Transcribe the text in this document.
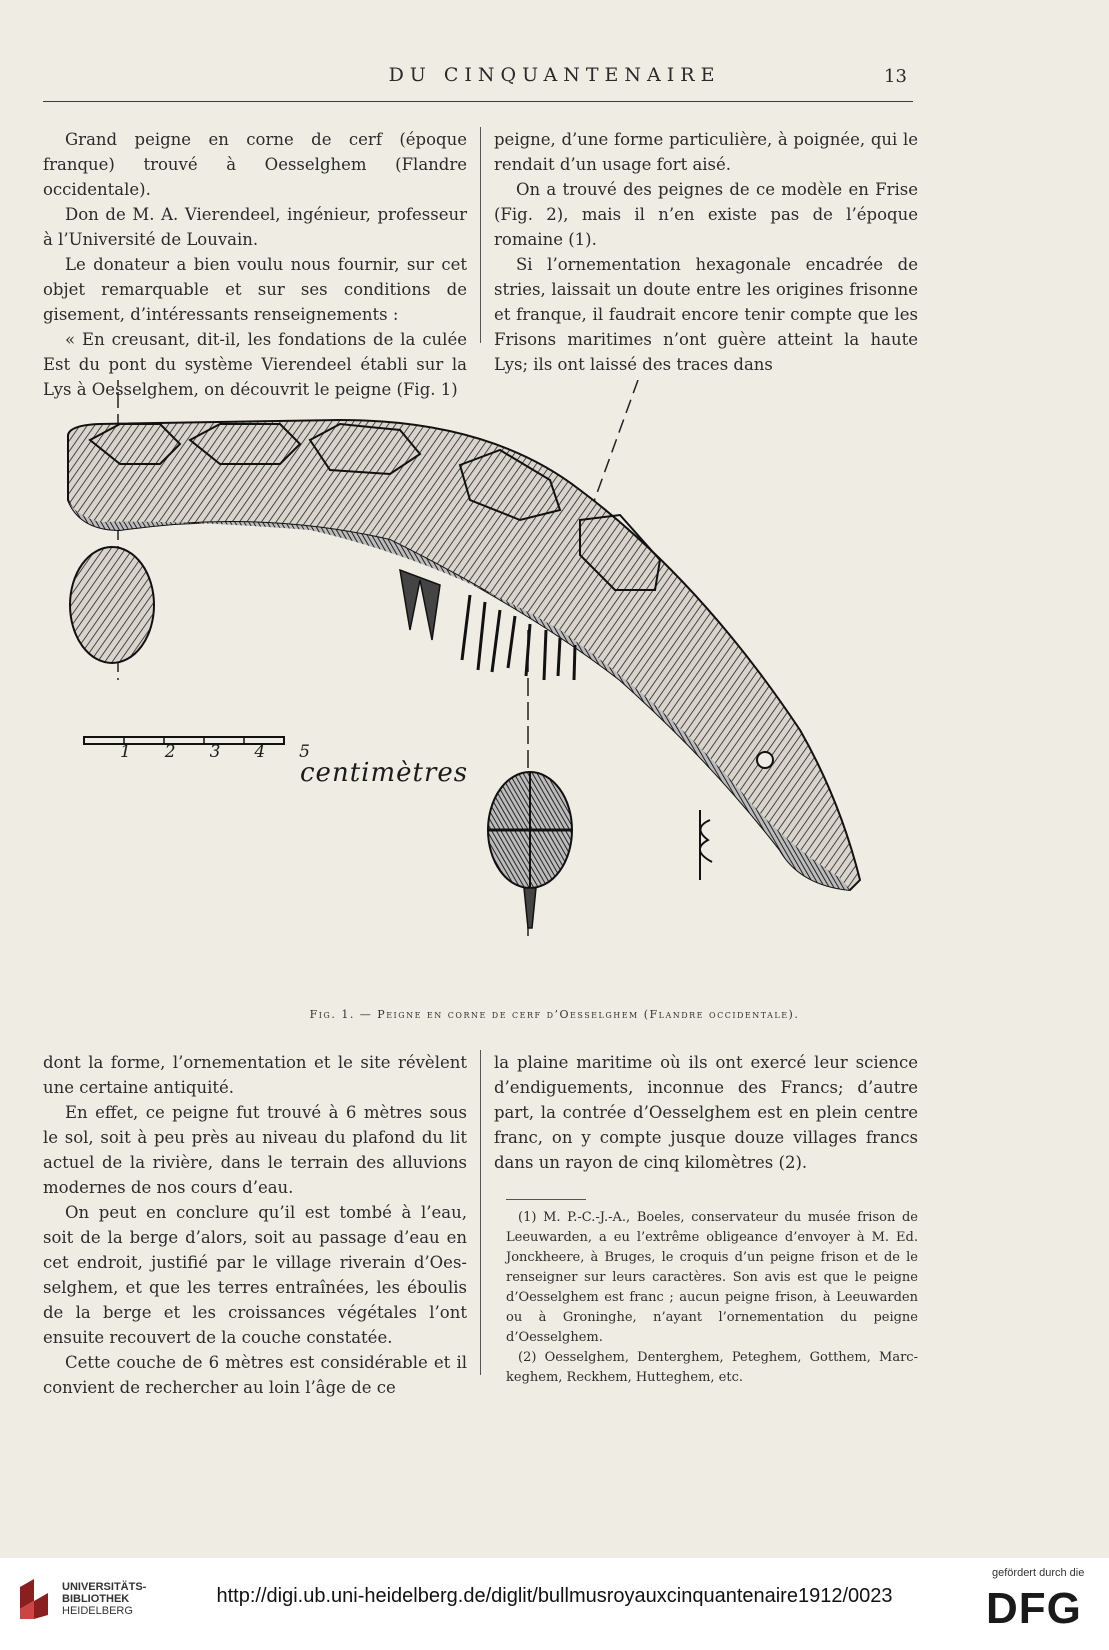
DU CINQUANTENAIRE	13

Grand peigne en corne de cerf (époque franque) trouvé à Oesselghem (Flandre occidentale).

Don de M. A. Vierendeel, ingénieur, professeur à l’Université de Louvain.

Le donateur a bien voulu nous fournir, sur cet objet remarquable et sur ses conditions de gisement, d’intéressants renseignements :

« En creusant, dit-il, les fondations de la culée Est du pont du système Vierendeel établi sur la Lys à Oesselghem, on découvrit le peigne (Fig. 1)

peigne, d’une forme particulière, à poignée, qui le rendait d’un usage fort aisé.

On a trouvé des peignes de ce modèle en Frise (Fig. 2), mais il n’en existe pas de l’époque romaine (1).

Si l’ornementation hexagonale encadrée de stries, laissait un doute entre les origines frisonne et franque, il faudrait encore tenir compte que les Frisons maritimes n’ont guère atteint la haute Lys; ils ont laissé des traces dans

1 2 3 4 5
centimètres
Fig. 1. — Peigne en corne de cerf d’Oesselghem (Flandre occidentale).

dont la forme, l’ornementation et le site révèlent une certaine antiquité.

En effet, ce peigne fut trouvé à 6 mètres sous le sol, soit à peu près au niveau du plafond du lit actuel de la rivière, dans le terrain des alluvions modernes de nos cours d’eau.

On peut en conclure qu’il est tombé à l’eau, soit de la berge d’alors, soit au passage d’eau en cet endroit, justifié par le village riverain d’Oesselghem, et que les terres entraînées, les éboulis de la berge et les croissances végétales l’ont ensuite recouvert de la couche constatée.

Cette couche de 6 mètres est considérable et il convient de rechercher au loin l’âge de ce

la plaine maritime où ils ont exercé leur science d’endiguements, inconnue des Francs; d’autre part, la contrée d’Oesselghem est en plein centre franc, on y compte jusque douze villages francs dans un rayon de cinq kilomètres (2).

(1) M. P.-C.-J.-A., Boeles, conservateur du musée frison de Leeuwarden, a eu l’extrême obligeance d’envoyer à M. Ed. Jonckheere, à Bruges, le croquis d’un peigne frison et de le renseigner sur leurs caractères. Son avis est que le peigne d’Oesselghem est franc ; aucun peigne frison, à Leeuwarden ou à Groninghe, n’ayant l’ornementation du peigne d’Oesselghem.

(2) Oesselghem, Denterghem, Peteghem, Gotthem, Marckeghem, Reckhem, Hutteghem, etc.

UNIVERSITÄTS-
BIBLIOTHEK
HEIDELBERG
http://digi.ub.uni-heidelberg.de/diglit/bullmusroyauxcinquantenaire1912/0023
gefördert durch die
DFG
